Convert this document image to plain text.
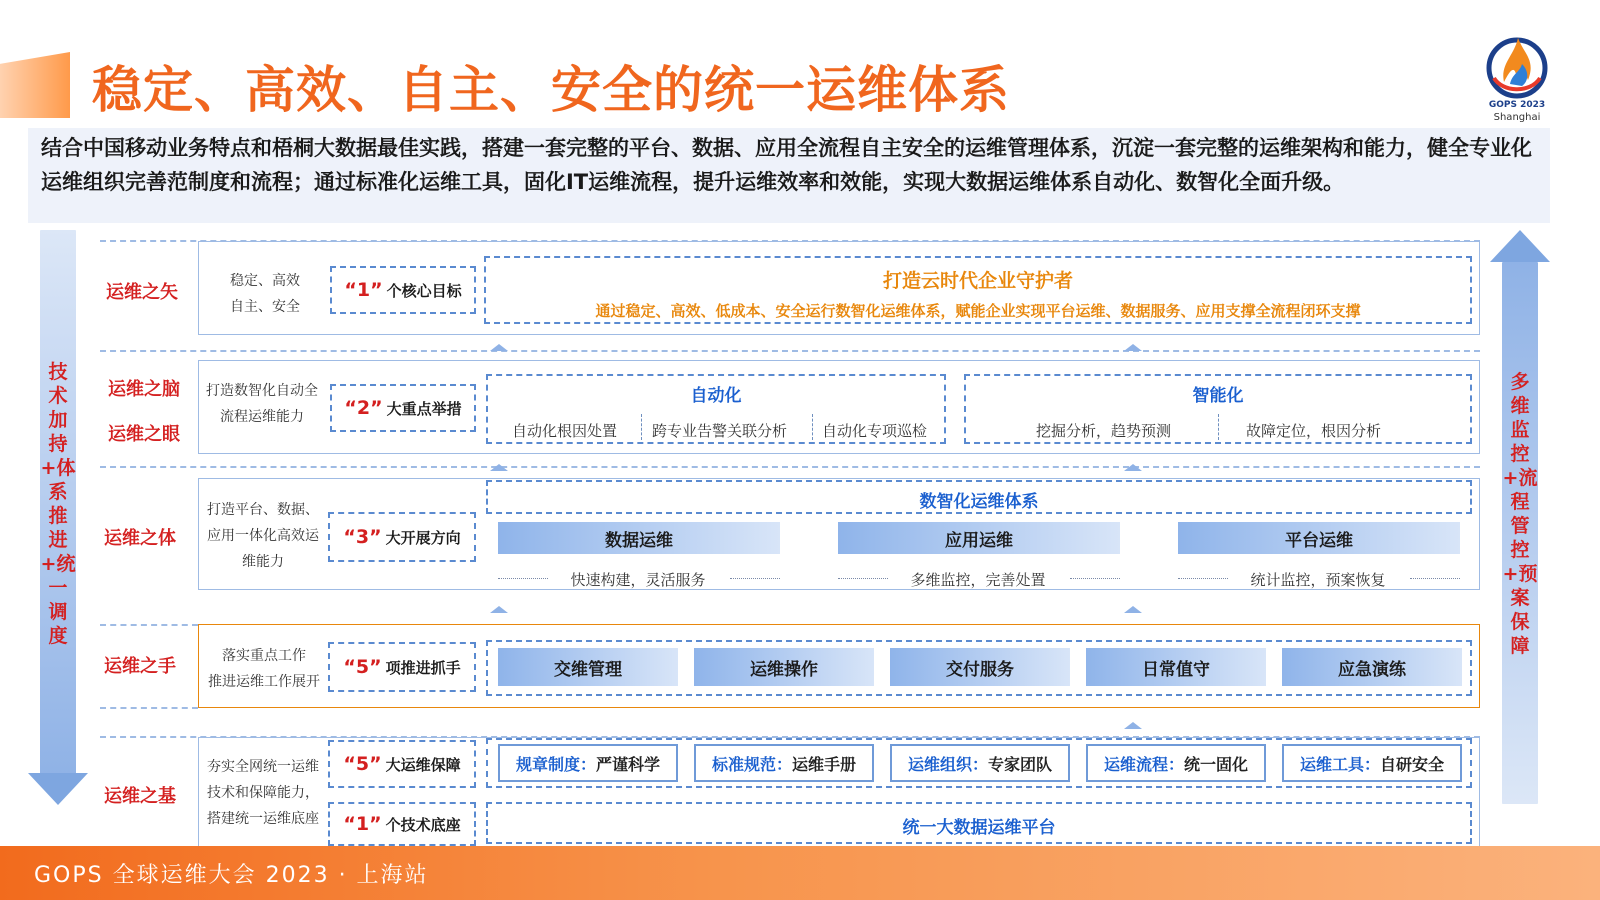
稳定、高效、自主、安全的统一运维体系	GOPS 2023
Shanghai
结合中国移动业务特点和梧桐大数据最佳实践，搭建一套完整的平台、数据、应用全流程自主安全的运维管理体系，沉淀一套完整的运维架构和能力，健全专业化运维组织完善范制度和流程；通过标准化运维工具，固化IT运维流程，提升运维效率和效能，实现大数据运维体系自动化、数智化全面升级。
技术加持+体系推进+统一调度
多维监控+流程管控+预案保障
运维之矢
稳定、高效
自主、安全
“1” 个核心目标	打造云时代企业守护者
通过稳定、高效、低成本、安全运行数智化运维体系，赋能企业实现平台运维、数据服务、应用支撑全流程闭环支撑
运维之脑
运维之眼
打造数智化自动全
流程运维能力	“2” 大重点举措
自动化
自动化根因处置 跨专业告警关联分析 自动化专项巡检
智能化
挖掘分析，趋势预测	故障定位，根因分析
运维之体
打造平台、数据、
应用一体化高效运
维能力
“3” 大开展方向
数智化运维体系
数据运维	应用运维	平台运维
快速构建，灵活服务	多维监控，完善处置	统计监控，预案恢复
运维之手	落实重点工作
推进运维工作展开
“5” 项推进抓手	交维管理	运维操作	交付服务	日常值守	应急演练
运维之基
夯实全网统一运维
技术和保障能力，
搭建统一运维底座
“5” 大运维保障
“1” 个技术底座
规章制度 ： 严谨科学	标准规范 ： 运维手册	运维组织 ： 专家团队	运维流程 ： 统一固化	运维工具 ： 自研安全
统一大数据运维平台
GOPS 全球运维大会 2023 · 上海站
